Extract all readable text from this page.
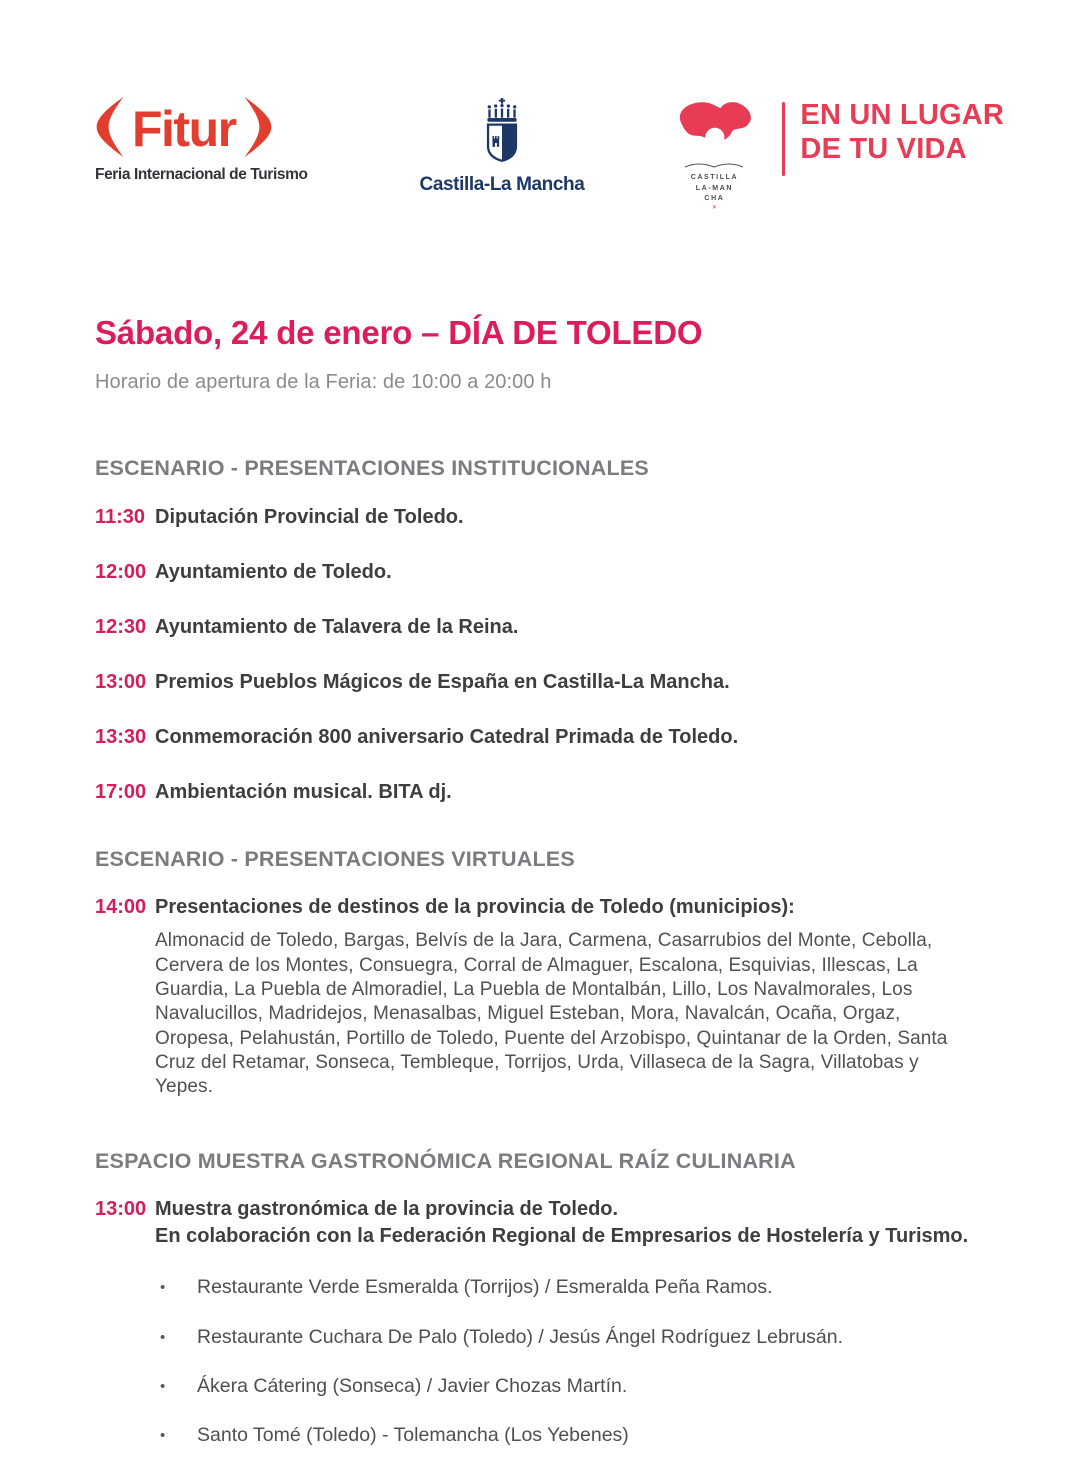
Fitur
Feria Internacional de Turismo	Castilla-La Mancha	CASTILLA
LA-MAN
CHA
✕
EN UN LUGAR
DE TU VIDA
Sábado, 24 de enero – DÍA DE TOLEDO
Horario de apertura de la Feria: de 10:00 a 20:00 h
ESCENARIO - PRESENTACIONES INSTITUCIONALES
11:30 Diputación Provincial de Toledo.
12:00 Ayuntamiento de Toledo.
12:30 Ayuntamiento de Talavera de la Reina.
13:00 Premios Pueblos Mágicos de España en Castilla-La Mancha.
13:30 Conmemoración 800 aniversario Catedral Primada de Toledo.
17:00 Ambientación musical. BITA dj.
ESCENARIO - PRESENTACIONES VIRTUALES
14:00 Presentaciones de destinos de la provincia de Toledo (municipios):

Almonacid de Toledo, Bargas, Belvís de la Jara, Carmena, Casarrubios del Monte, Cebolla, Cervera de los Montes, Consuegra, Corral de Almaguer, Escalona, Esquivias, Illescas, La Guardia, La Puebla de Almoradiel, La Puebla de Montalbán, Lillo, Los Navalmorales, Los Navalucillos, Madridejos, Menasalbas, Miguel Esteban, Mora, Navalcán, Ocaña, Orgaz, Oropesa, Pelahustán, Portillo de Toledo, Puente del Arzobispo, Quintanar de la Orden, Santa Cruz del Retamar, Sonseca, Tembleque, Torrijos, Urda, Villaseca de la Sagra, Villatobas y Yepes.

ESPACIO MUESTRA GASTRONÓMICA REGIONAL RAÍZ CULINARIA
13:00 Muestra gastronómica de la provincia de Toledo.
En colaboración con la Federación Regional de Empresarios de Hostelería y Turismo.
•	Restaurante Verde Esmeralda (Torrijos) / Esmeralda Peña Ramos.
•	Restaurante Cuchara De Palo (Toledo) / Jesús Ángel Rodríguez Lebrusán.
•	Ákera Cátering (Sonseca) / Javier Chozas Martín.
•	Santo Tomé (Toledo) - Tolemancha (Los Yebenes)
